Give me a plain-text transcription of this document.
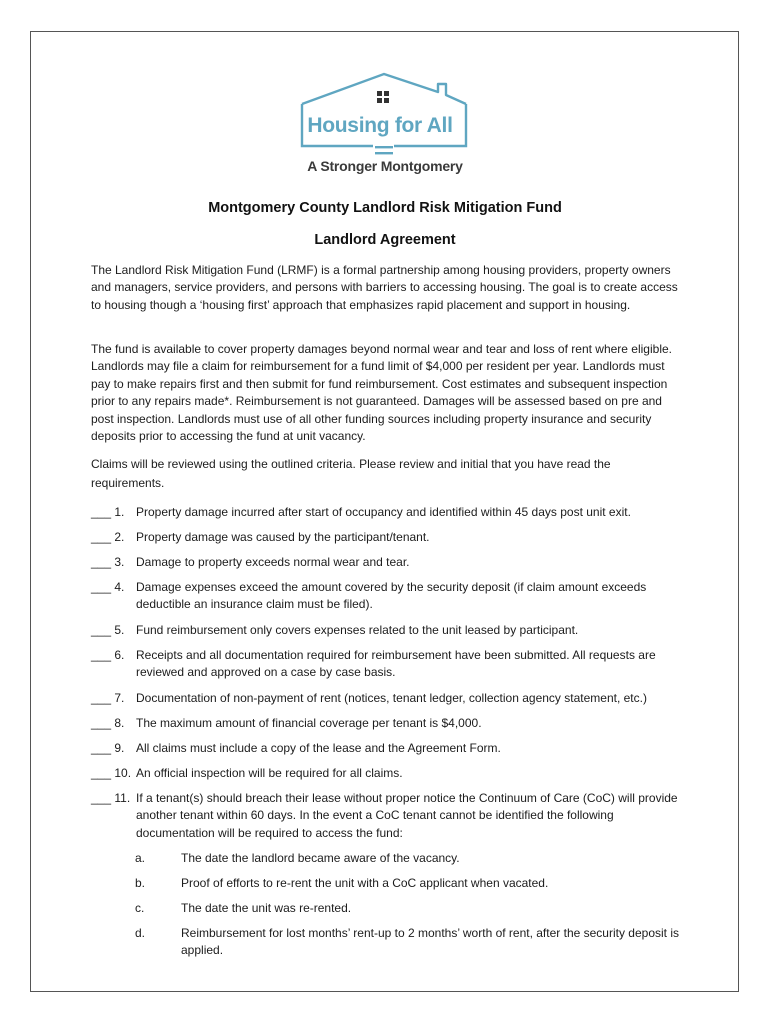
Housing for All
A Stronger Montgomery
Montgomery County Landlord Risk Mitigation Fund
Landlord Agreement

The Landlord Risk Mitigation Fund (LRMF) is a formal partnership among housing providers, property owners and managers, service providers, and persons with barriers to accessing housing. The goal is to create access to housing though a ‘housing first’ approach that emphasizes rapid placement and support in housing.

The fund is available to cover property damages beyond normal wear and tear and loss of rent where eligible. Landlords may file a claim for reimbursement for a fund limit of $4,000 per resident per year. Landlords must pay to make repairs first and then submit for fund reimbursement. Cost estimates and subsequent inspection prior to any repairs made*. Reimbursement is not guaranteed. Damages will be assessed based on pre and post inspection. Landlords must use of all other funding sources including property insurance and security deposits prior to accessing the fund at unit vacancy.

Claims will be reviewed using the outlined criteria. Please review and initial that you have read the requirements.

___ 1. Property damage incurred after start of occupancy and identified within 45 days post unit exit.
___ 2. Property damage was caused by the participant/tenant.
___ 3. Damage to property exceeds normal wear and tear.
___ 4. Damage expenses exceed the amount covered by the security deposit (if claim amount exceeds deductible an insurance claim must be filed).
___ 5. Fund reimbursement only covers expenses related to the unit leased by participant.
___ 6. Receipts and all documentation required for reimbursement have been submitted. All requests are reviewed and approved on a case by case basis.
___ 7. Documentation of non-payment of rent (notices, tenant ledger, collection agency statement, etc.)
___ 8. The maximum amount of financial coverage per tenant is $4,000.
___ 9. All claims must include a copy of the lease and the Agreement Form.
___ 10. An official inspection will be required for all claims.
___ 11. If a tenant(s) should breach their lease without proper notice the Continuum of Care (CoC) will provide another tenant within 60 days. In the event a CoC tenant cannot be identified the following documentation will be required to access the fund:
a.	The date the landlord became aware of the vacancy.
b.	Proof of efforts to re-rent the unit with a CoC applicant when vacated.
c.	The date the unit was re-rented.
d.	Reimbursement for lost months’ rent-up to 2 months’ worth of rent, after the security deposit is applied.
